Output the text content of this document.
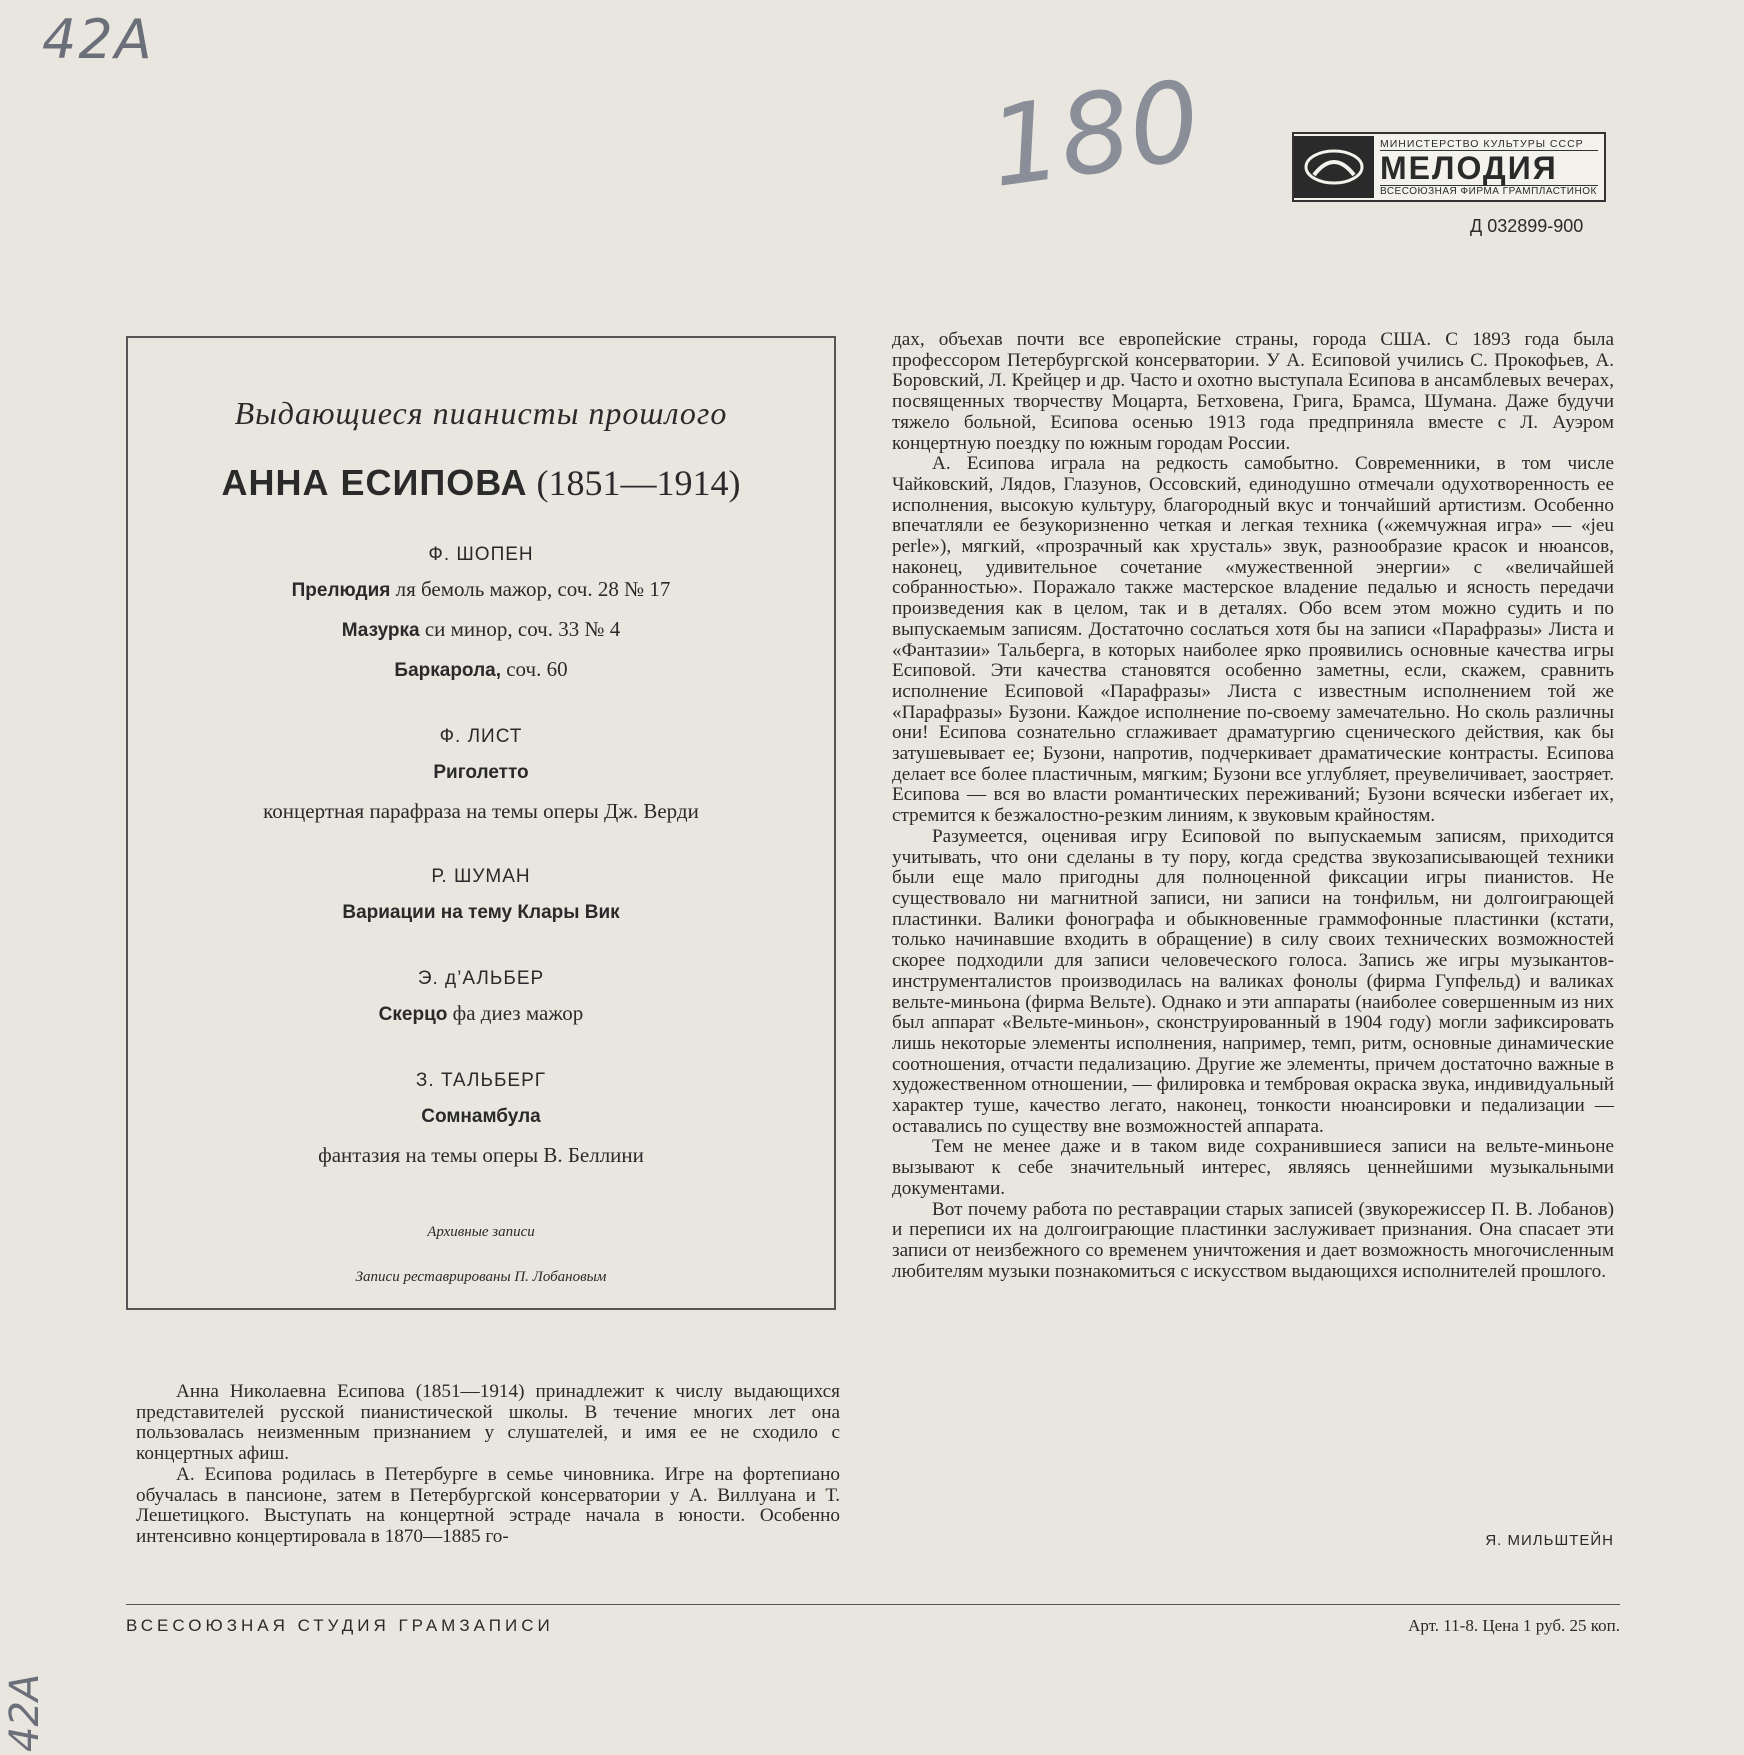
42A
180
42A
МИНИСТЕРСТВО КУЛЬТУРЫ СССР
МЕЛОДИЯ
ВСЕСОЮЗНАЯ ФИРМА ГРАМПЛАСТИНОК
Д 032899-900
Выдающиеся пианисты прошлого
АННА ЕСИПОВА (1851—1914)
Ф. ШОПЕН
Прелюдия ля бемоль мажор, соч. 28 № 17
Мазурка си минор, соч. 33 № 4
Баркарола, соч. 60
Ф. ЛИСТ
Риголетто
концертная парафраза на темы оперы Дж. Верди
Р. ШУМАН
Вариации на тему Клары Вик
Э. д’АЛЬБЕР
Скерцо фа диез мажор
З. ТАЛЬБЕРГ
Сомнамбула
фантазия на темы оперы В. Беллини
Архивные записи
Записи реставрированы П. Лобановым

Анна Николаевна Есипова (1851—1914) принадлежит к числу выдающихся представителей русской пианистической школы. В течение многих лет она пользовалась неизменным признанием у слушателей, и имя ее не сходило с концертных афиш.

А. Есипова родилась в Петербурге в семье чиновника. Игре на фортепиано обучалась в пансионе, затем в Петербургской консерватории у А. Виллуана и Т. Лешетицкого. Выступать на концертной эстраде начала в юности. Особенно интенсивно концертировала в 1870—1885 го-

дах, объехав почти все европейские страны, города США. С 1893 года была профессором Петербургской консерватории. У А. Есиповой учились С. Прокофьев, А. Боровский, Л. Крейцер и др. Часто и охотно выступала Есипова в ансамблевых вечерах, посвященных творчеству Моцарта, Бетховена, Грига, Брамса, Шумана. Даже будучи тяжело больной, Есипова осенью 1913 года предприняла вместе с Л. Ауэром концертную поездку по южным городам России.

А. Есипова играла на редкость самобытно. Современники, в том числе Чайковский, Лядов, Глазунов, Оссовский, единодушно отмечали одухотворенность ее исполнения, высокую культуру, благородный вкус и тончайший артистизм. Особенно впечатляли ее безукоризненно четкая и легкая техника («жемчужная игра» — «jeu perle»), мягкий, «прозрачный как хрусталь» звук, разнообразие красок и нюансов, наконец, удивительное сочетание «мужественной энергии» с «величайшей собранностью». Поражало также мастерское владение педалью и ясность передачи произведения как в целом, так и в деталях. Обо всем этом можно судить и по выпускаемым записям. Достаточно сослаться хотя бы на записи «Парафразы» Листа и «Фантазии» Тальберга, в которых наиболее ярко проявились основные качества игры Есиповой. Эти качества становятся особенно заметны, если, скажем, сравнить исполнение Есиповой «Парафразы» Листа с известным исполнением той же «Парафразы» Бузони. Каждое исполнение по-своему замечательно. Но сколь различны они! Есипова сознательно сглаживает драматургию сценического действия, как бы затушевывает ее; Бузони, напротив, подчеркивает драматические контрасты. Есипова делает все более пластичным, мягким; Бузони все углубляет, преувеличивает, заостряет. Есипова — вся во власти романтических переживаний; Бузони всячески избегает их, стремится к безжалостно-резким линиям, к звуковым крайностям.

Разумеется, оценивая игру Есиповой по выпускаемым записям, приходится учитывать, что они сделаны в ту пору, когда средства звукозаписывающей техники были еще мало пригодны для полноценной фиксации игры пианистов. Не существовало ни магнитной записи, ни записи на тонфильм, ни долгоиграющей пластинки. Валики фонографа и обыкновенные граммофонные пластинки (кстати, только начинавшие входить в обращение) в силу своих технических возможностей скорее подходили для записи человеческого голоса. Запись же игры музыкантов-инструменталистов производилась на валиках фонолы (фирма Гупфельд) и валиках вельте-миньона (фирма Вельте). Однако и эти аппараты (наиболее совершенным из них был аппарат «Вельте-миньон», сконструированный в 1904 году) могли зафиксировать лишь некоторые элементы исполнения, например, темп, ритм, основные динамические соотношения, отчасти педализацию. Другие же элементы, причем достаточно важные в художественном отношении, — филировка и тембровая окраска звука, индивидуальный характер туше, качество легато, наконец, тонкости нюансировки и педализации — оставались по существу вне возможностей аппарата.

Тем не менее даже и в таком виде сохранившиеся записи на вельте-миньоне вызывают к себе значительный интерес, являясь ценнейшими музыкальными документами.

Вот почему работа по реставрации старых записей (звукорежиссер П. В. Лобанов) и переписи их на долгоиграющие пластинки заслуживает признания. Она спасает эти записи от неизбежного со временем уничтожения и дает возможность многочисленным любителям музыки познакомиться с искусством выдающихся исполнителей прошлого.

Я. МИЛЬШТЕЙН
ВСЕСОЮЗНАЯ СТУДИЯ ГРАМЗАПИСИ	Арт. 11-8. Цена 1 руб. 25 коп.
